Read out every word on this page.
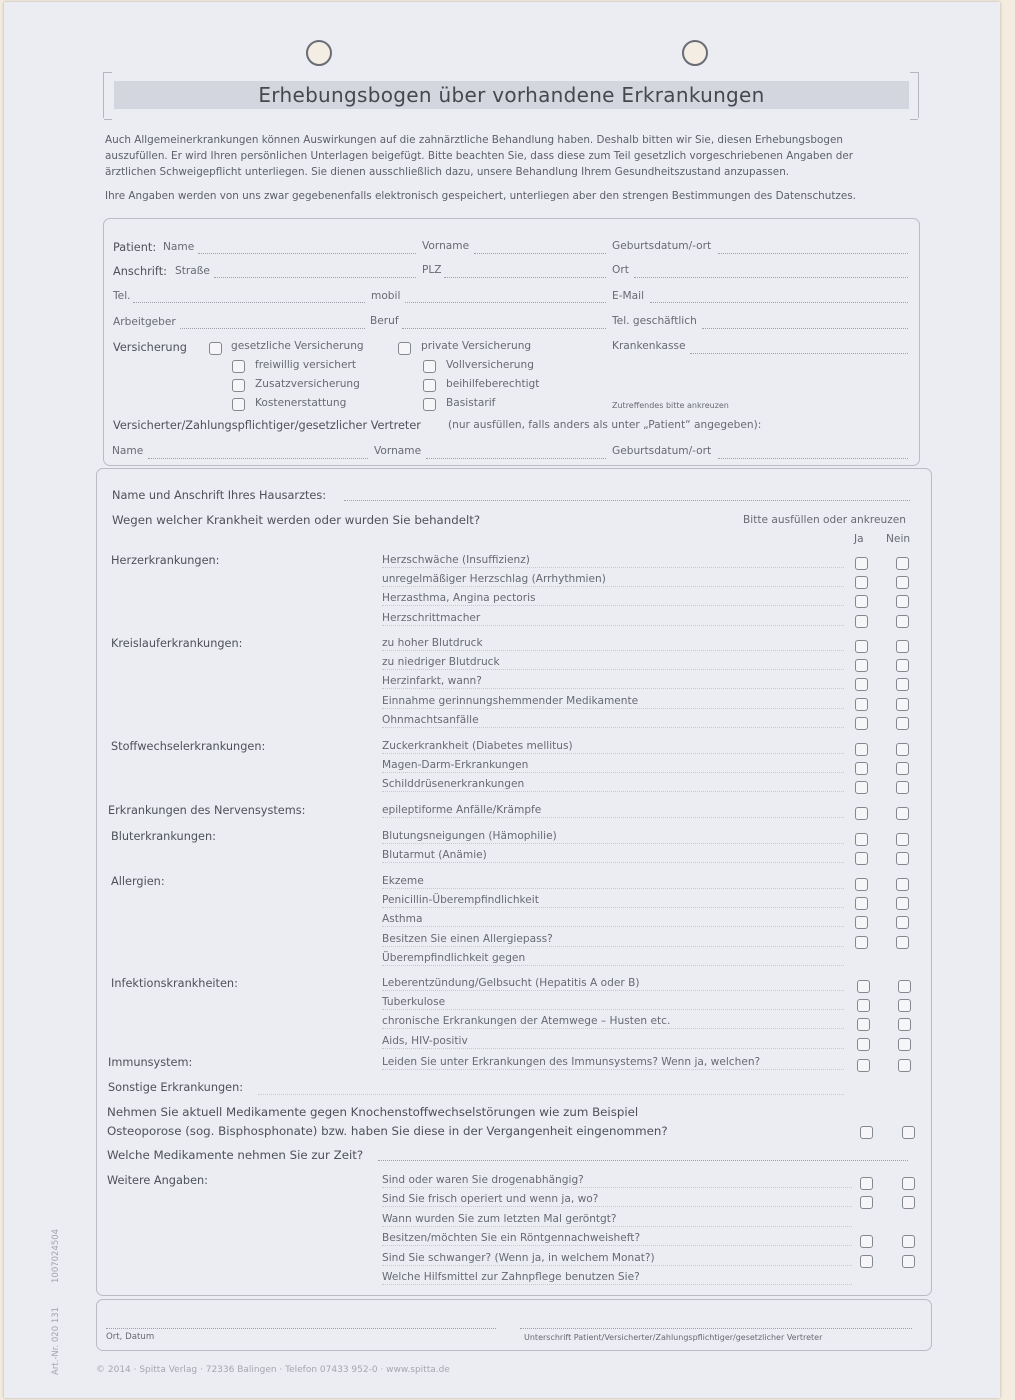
Erhebungsbogen über vorhandene Erkrankungen
Auch Allgemeinerkrankungen können Auswirkungen auf die zahnärztliche Behandlung haben. Deshalb bitten wir Sie, diesen Erhebungsbogen auszufüllen. Er wird Ihren persönlichen Unterlagen beigefügt. Bitte beachten Sie, dass diese zum Teil gesetzlich vorgeschriebenen Angaben der ärztlichen Schweigepflicht unterliegen. Sie dienen ausschließlich dazu, unsere Behandlung Ihrem Gesundheitszustand anzupassen.
Ihre Angaben werden von uns zwar gegebenenfalls elektronisch gespeichert, unterliegen aber den strengen Bestimmungen des Datenschutzes.
Patient: Name	Vorname	Geburtsdatum/-ort
Anschrift: Straße	PLZ	Ort
Tel.	mobil	E-Mail
Arbeitgeber	Beruf	Tel. geschäftlich
Versicherung	gesetzliche Versicherung
freiwillig versichert
Zusatzversicherung
Kostenerstattung
private Versicherung
Vollversicherung
beihilfeberechtigt
Basistarif
Krankenkasse
Zutreffendes bitte ankreuzen
Versicherter/Zahlungspflichtiger/gesetzlicher Vertreter	(nur ausfüllen, falls anders als unter „Patient“ angegeben):
Name	Vorname	Geburtsdatum/-ort
Name und Anschrift Ihres Hausarztes:
Wegen welcher Krankheit werden oder wurden Sie behandelt?	Bitte ausfüllen oder ankreuzen
Ja Nein
Herzerkrankungen:	Herzschwäche (Insuffizienz)
unregelmäßiger Herzschlag (Arrhythmien)
Herzasthma, Angina pectoris
Herzschrittmacher
Kreislauferkrankungen:	zu hoher Blutdruck
zu niedriger Blutdruck
Herzinfarkt, wann?
Einnahme gerinnungshemmender Medikamente
Ohnmachtsanfälle
Stoffwechselerkrankungen:	Zuckerkrankheit (Diabetes mellitus)
Magen-Darm-Erkrankungen
Schilddrüsenerkrankungen
Erkrankungen des Nervensystems:	epileptiforme Anfälle/Krämpfe
Bluterkrankungen:	Blutungsneigungen (Hämophilie)
Blutarmut (Anämie)
Allergien:	Ekzeme
Penicillin-Überempfindlichkeit
Asthma
Besitzen Sie einen Allergiepass?
Überempfindlichkeit gegen
Infektionskrankheiten:	Leberentzündung/Gelbsucht (Hepatitis A oder B)
Tuberkulose
chronische Erkrankungen der Atemwege – Husten etc.
Aids, HIV-positiv
Immunsystem:	Leiden Sie unter Erkrankungen des Immunsystems? Wenn ja, welchen?
Sonstige Erkrankungen:
Nehmen Sie aktuell Medikamente gegen Knochenstoffwechselstörungen wie zum Beispiel
Osteoporose (sog. Bisphosphonate) bzw. haben Sie diese in der Vergangenheit eingenommen?
Welche Medikamente nehmen Sie zur Zeit?
Weitere Angaben:	Sind oder waren Sie drogenabhängig?
Sind Sie frisch operiert und wenn ja, wo?
Wann wurden Sie zum letzten Mal geröntgt?
Besitzen/möchten Sie ein Röntgennachweisheft?
Sind Sie schwanger? (Wenn ja, in welchem Monat?)
Welche Hilfsmittel zur Zahnpflege benutzen Sie?
Ort, Datum	Unterschrift Patient/Versicherter/Zahlungspflichtiger/gesetzlicher Vertreter
© 2014 · Spitta Verlag · 72336 Balingen · Telefon 07433 952-0 · www.spitta.de
Art.-Nr. 020 131
1007024504
